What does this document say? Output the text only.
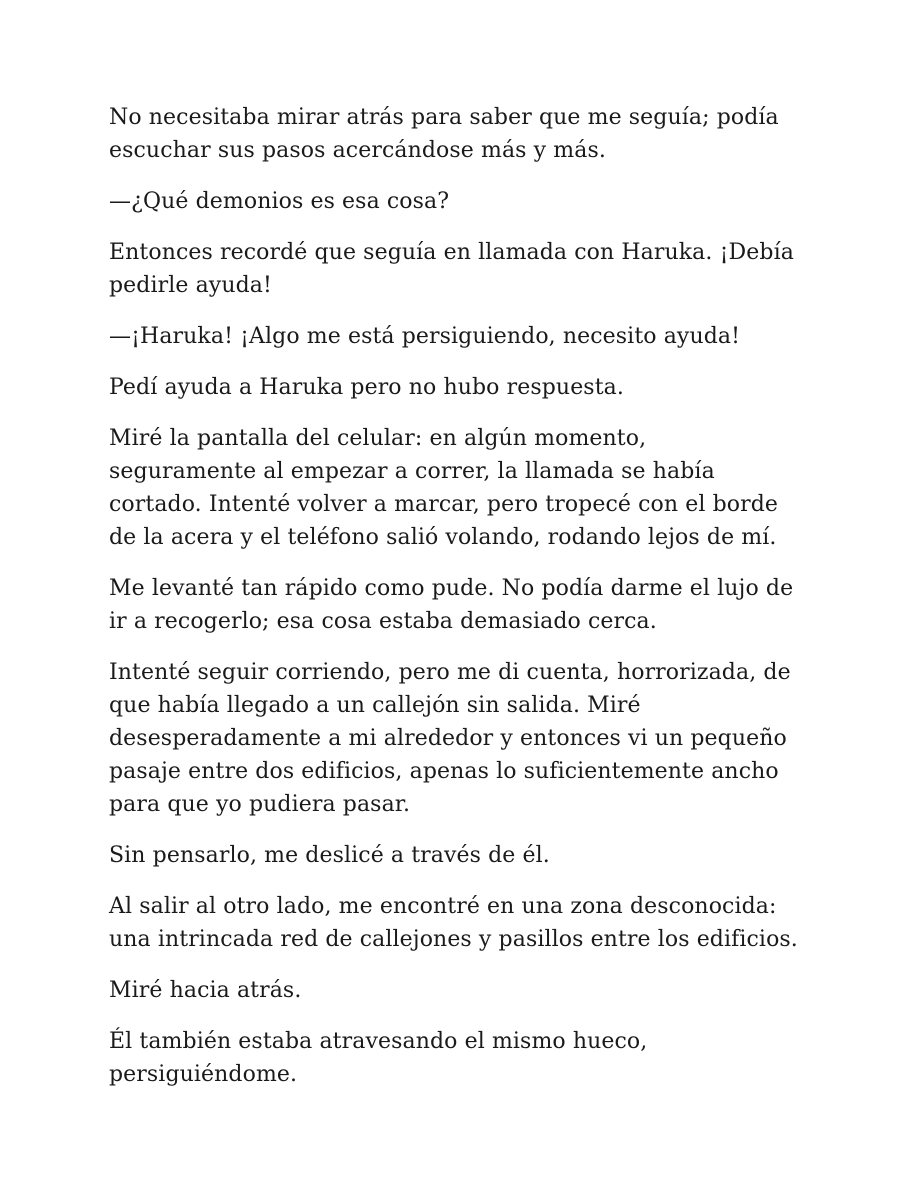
No necesitaba mirar atrás para saber que me seguía; podía escuchar sus pasos acercándose más y más.

—¿Qué demonios es esa cosa?

Entonces recordé que seguía en llamada con Haruka. ¡Debía pedirle ayuda!

—¡Haruka! ¡Algo me está persiguiendo, necesito ayuda!

Pedí ayuda a Haruka pero no hubo respuesta.

Miré la pantalla del celular: en algún momento, seguramente al empezar a correr, la llamada se había cortado. Intenté volver a marcar, pero tropecé con el borde de la acera y el teléfono salió volando, rodando lejos de mí.

Me levanté tan rápido como pude. No podía darme el lujo de ir a recogerlo; esa cosa estaba demasiado cerca.

Intenté seguir corriendo, pero me di cuenta, horrorizada, de que había llegado a un callejón sin salida. Miré desesperadamente a mi alrededor y entonces vi un pequeño pasaje entre dos edificios, apenas lo suficientemente ancho para que yo pudiera pasar.

Sin pensarlo, me deslicé a través de él.

Al salir al otro lado, me encontré en una zona desconocida: una intrincada red de callejones y pasillos entre los edificios.

Miré hacia atrás.

Él también estaba atravesando el mismo hueco, persiguiéndome.
